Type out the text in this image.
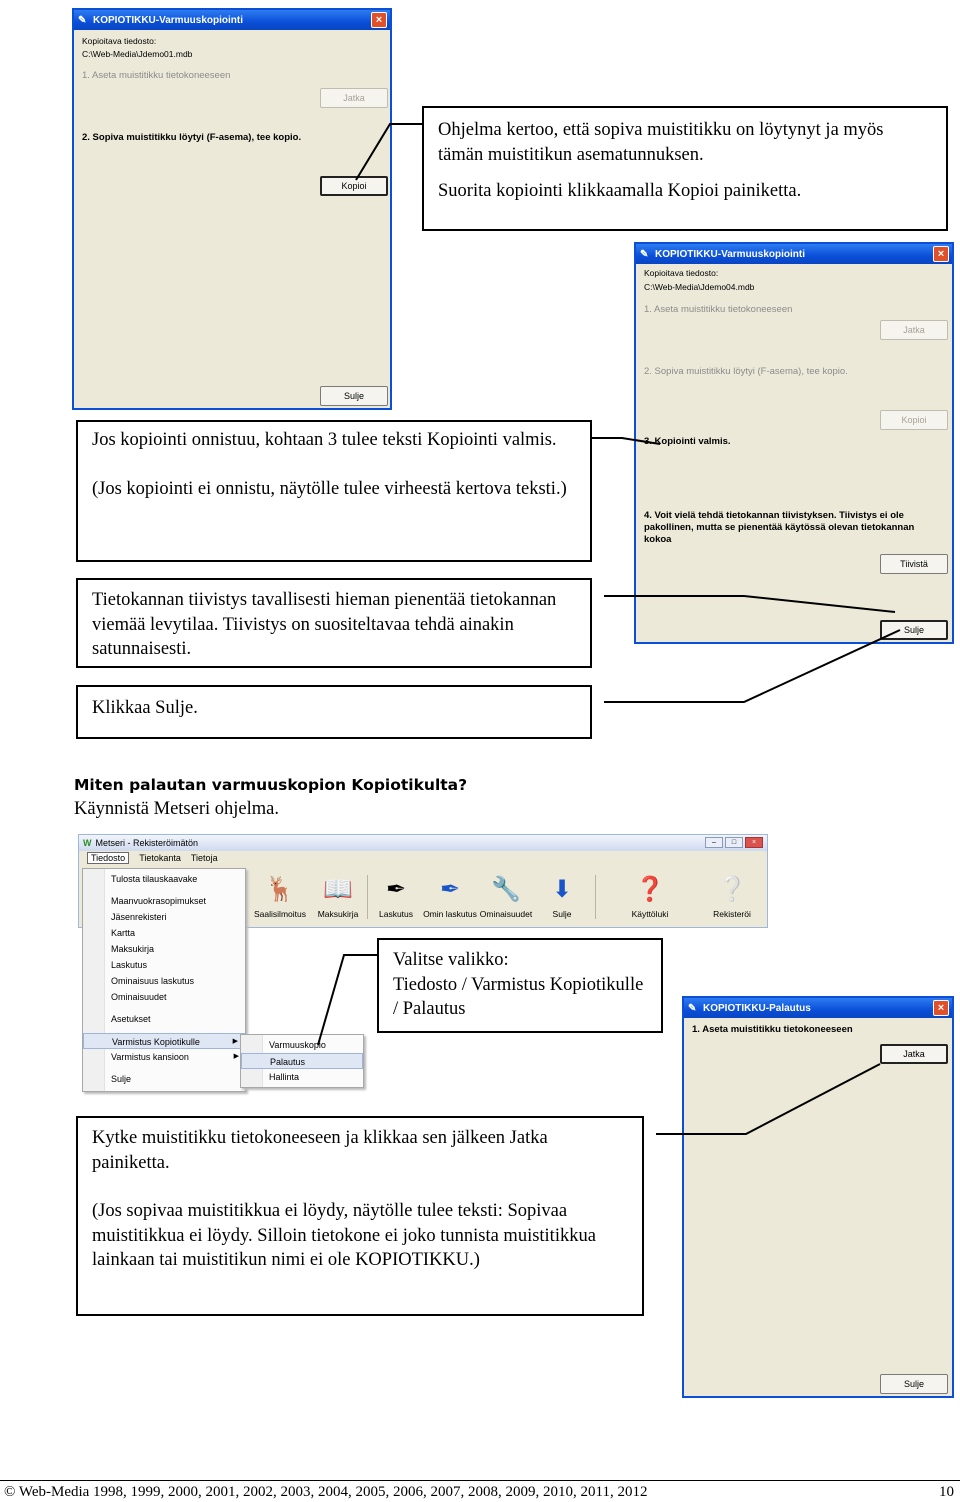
✎ KOPIOTIKKU-Varmuuskopiointi	×
Kopioitava tiedosto:
C:\Web-Media\Jdemo01.mdb
1. Aseta muistitikku tietokoneeseen
Jatka
2. Sopiva muistitikku löytyi (F-asema), tee kopio.
Kopioi
Sulje

Ohjelma kertoo, että sopiva muistitikku on löytynyt ja myös tämän muistitikun asematunnuksen.

Suorita kopiointi klikkaamalla Kopioi painiketta.

✎ KOPIOTIKKU-Varmuuskopiointi	×
Kopioitava tiedosto:
C:\Web-Media\Jdemo04.mdb
1. Aseta muistitikku tietokoneeseen
Jatka
2. Sopiva muistitikku löytyi (F-asema), tee kopio.
Kopioi
3. Kopiointi valmis.
4. Voit vielä tehdä tietokannan tiivistyksen. Tiivistys ei ole pakollinen, mutta se pienentää käytössä olevan tietokannan kokoa
Tiivistä
Sulje

Jos kopiointi onnistuu, kohtaan 3 tulee teksti Kopiointi valmis.

(Jos kopiointi ei onnistu, näytölle tulee virheestä kertova teksti.)

Tietokannan tiivistys tavallisesti hieman pienentää tietokannan viemää levytilaa. Tiivistys on suositeltavaa tehdä ainakin satunnaisesti.

Klikkaa Sulje.

Miten palautan varmuuskopion Kopiotikulta?
Käynnistä Metseri ohjelma.
W Metseri - Rekisteröimätön	–	□	×
Tiedosto	Tietokanta Tietoja
🦌
Saalisilmoitus
📖
Maksukirja
✒
Laskutus
✒
Omin laskutus
🔧
Ominaisuudet
⬇
Sulje
❓
Käyttöluki
❔
Rekisteröi
Tulosta tilauskaavake
Maanvuokrasopimukset
Jäsenrekisteri
Kartta
Maksukirja
Laskutus
Ominaisuus laskutus
Ominaisuudet
Asetukset
Varmistus Kopiotikulle	▶
Varmistus kansioon	▶
Sulje
Varmuuskopio
Palautus
Hallinta

Valitse valikko:
Tiedosto / Varmistus Kopiotikulle / Palautus	✎ KOPIOTIKKU-Palautus	×
1. Aseta muistitikku tietokoneeseen
Jatka
Sulje

Kytke muistitikku tietokoneeseen ja klikkaa sen jälkeen Jatka painiketta.

(Jos sopivaa muistitikkua ei löydy, näytölle tulee teksti: Sopivaa muistitikkua ei löydy. Silloin tietokone ei joko tunnista muistitikkua lainkaan tai muistitikun nimi ei ole KOPIOTIKKU.)

© Web-Media 1998, 1999, 2000, 2001, 2002, 2003, 2004, 2005, 2006, 2007, 2008, 2009, 2010, 2011, 2012	10
